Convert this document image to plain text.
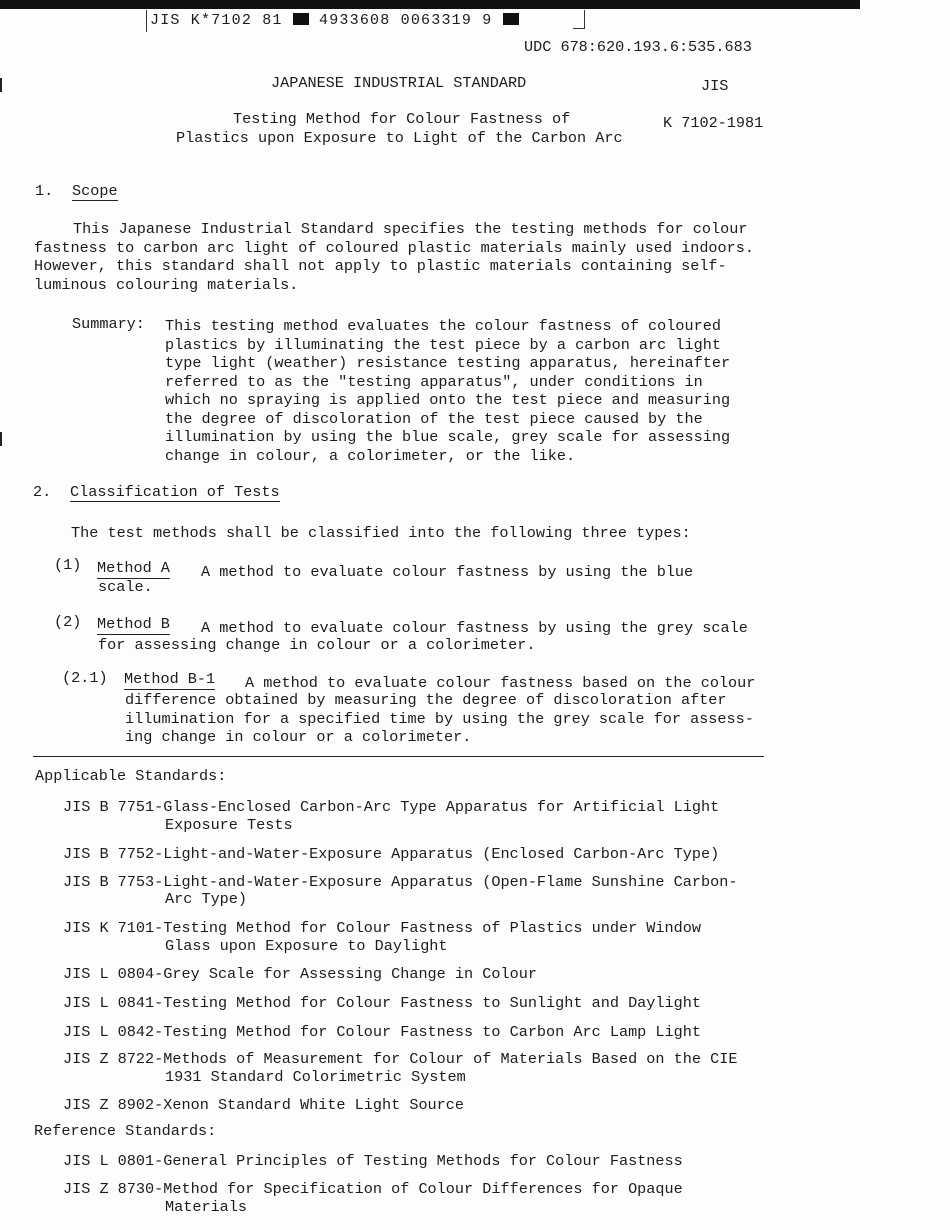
JIS K*7102 81 4933608 0063319 9
UDC 678:620.193.6:535.683
JAPANESE INDUSTRIAL STANDARD	JIS
Testing Method for Colour Fastness of
Plastics upon Exposure to Light of the Carbon Arc
K 7102-1981
1. Scope
This Japanese Industrial Standard specifies the testing methods for colour
fastness to carbon arc light of coloured plastic materials mainly used indoors.
However, this standard shall not apply to plastic materials containing self-
luminous colouring materials.
Summary: This testing method evaluates the colour fastness of coloured
plastics by illuminating the test piece by a carbon arc light
type light (weather) resistance testing apparatus, hereinafter
referred to as the "testing apparatus", under conditions in
which no spraying is applied onto the test piece and measuring
the degree of discoloration of the test piece caused by the
illumination by using the blue scale, grey scale for assessing
change in colour, a colorimeter, or the like.
2. Classification of Tests
The test methods shall be classified into the following three types:
(1) Method A A method to evaluate colour fastness by using the blue
scale.
(2) Method B A method to evaluate colour fastness by using the grey scale
for assessing change in colour or a colorimeter.
(2.1) Method B-1 A method to evaluate colour fastness based on the colour
difference obtained by measuring the degree of discoloration after
illumination for a specified time by using the grey scale for assess-
ing change in colour or a colorimeter.
Applicable Standards:
JIS B 7751-Glass-Enclosed Carbon-Arc Type Apparatus for Artificial Light
Exposure Tests
JIS B 7752-Light-and-Water-Exposure Apparatus (Enclosed Carbon-Arc Type)
JIS B 7753-Light-and-Water-Exposure Apparatus (Open-Flame Sunshine Carbon-
Arc Type)
JIS K 7101-Testing Method for Colour Fastness of Plastics under Window
Glass upon Exposure to Daylight
JIS L 0804-Grey Scale for Assessing Change in Colour
JIS L 0841-Testing Method for Colour Fastness to Sunlight and Daylight
JIS L 0842-Testing Method for Colour Fastness to Carbon Arc Lamp Light
JIS Z 8722-Methods of Measurement for Colour of Materials Based on the CIE
1931 Standard Colorimetric System
JIS Z 8902-Xenon Standard White Light Source
Reference Standards:
JIS L 0801-General Principles of Testing Methods for Colour Fastness
JIS Z 8730-Method for Specification of Colour Differences for Opaque
Materials
